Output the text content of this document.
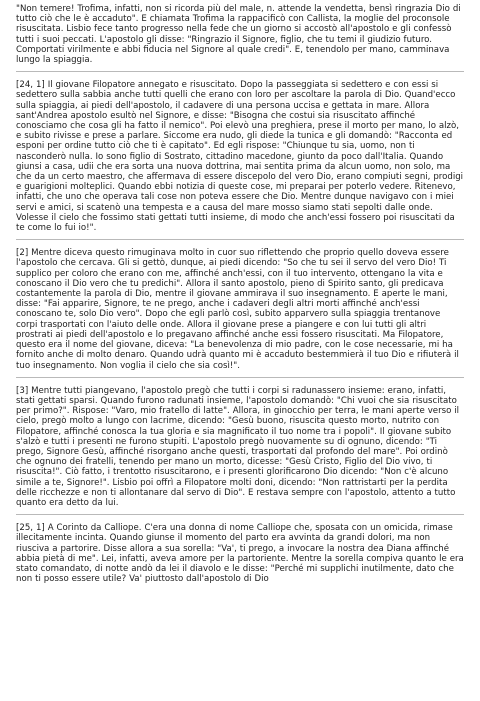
"Non temere! Trofima, infatti, non si ricorda più del male, n. attende la vendetta, bensì ringrazia Dio di tutto ciò che le è accaduto". E chiamata Trofima la rappacificò con Callista, la moglie del proconsole risuscitata. Lisbio fece tanto progresso nella fede che un giorno si accostò all'apostolo e gli confessò tutti i suoi peccati. L'apostolo gli disse: "Ringrazio il Signore, figlio, che tu temi il giudizio futuro. Comportati virilmente e abbi fiducia nel Signore al quale credi". E, tenendolo per mano, camminava lungo la spiaggia.

[24, 1] Il giovane Filopatore annegato e risuscitato. Dopo la passeggiata si sedettero e con essi si sedettero sulla sabbia anche tutti quelli che erano con loro per ascoltare la parola di Dio. Quand'ecco sulla spiaggia, ai piedi dell'apostolo, il cadavere di una persona uccisa e gettata in mare. Allora sant'Andrea apostolo esultò nel Signore, e disse: "Bisogna che costui sia risuscitato affinché conosciamo che cosa gli ha fatto il nemico". Poi elevò una preghiera, prese il morto per mano, lo alzò, e subito rivisse e prese a parlare. Siccome era nudo, gli diede la tunica e gli domandò: "Racconta ed esponi per ordine tutto ciò che ti è capitato". Ed egli rispose: "Chiunque tu sia, uomo, non ti nasconderò nulla. Io sono figlio di Sostrato, cittadino macedone, giunto da poco dall'Italia. Quando giunsi a casa, udii che era sorta una nuova dottrina, mai sentita prima da alcun uomo, non solo, ma che da un certo maestro, che affermava di essere discepolo del vero Dio, erano compiuti segni, prodigi e guarigioni molteplici. Quando ebbi notizia di queste cose, mi preparai per poterlo vedere. Ritenevo, infatti, che uno che operava tali cose non poteva essere che Dio. Mentre dunque navigavo con i miei servi e amici, si scatenò una tempesta e a causa del mare mosso siamo stati sepolti dalle onde. Volesse il cielo che fossimo stati gettati tutti insieme, di modo che anch'essi fossero poi risuscitati da te come lo fui io!".

[2] Mentre diceva questo rimuginava molto in cuor suo riflettendo che proprio quello doveva essere l'apostolo che cercava. Gli si gettò, dunque, ai piedi dicendo: "So che tu sei il servo del vero Dio! Ti supplico per coloro che erano con me, affinché anch'essi, con il tuo intervento, ottengano la vita e conoscano il Dio vero che tu predichi". Allora il santo apostolo, pieno di Spirito santo, gli predicava costantemente la parola di Dio, mentre il giovane ammirava il suo insegnamento. E aperte le mani, disse: "Fai apparire, Signore, te ne prego, anche i cadaveri degli altri morti affinché anch'essi conoscano te, solo Dio vero". Dopo che egli parlò così, subito apparvero sulla spiaggia trentanove corpi trasportati con l'aiuto delle onde. Allora il giovane prese a piangere e con lui tutti gli altri prostrati ai piedi dell'apostolo e lo pregavano affinché anche essi fossero risuscitati. Ma Filopatore, questo era il nome del giovane, diceva: "La benevolenza di mio padre, con le cose necessarie, mi ha fornito anche di molto denaro. Quando udrà quanto mi è accaduto bestemmierà il tuo Dio e rifiuterà il tuo insegnamento. Non voglia il cielo che sia così!".

[3] Mentre tutti piangevano, l'apostolo pregò che tutti i corpi si radunassero insieme: erano, infatti, stati gettati sparsi. Quando furono radunati insieme, l'apostolo domandò: "Chi vuoi che sia risuscitato per primo?". Rispose: "Varo, mio fratello di latte". Allora, in ginocchio per terra, le mani aperte verso il cielo, pregò molto a lungo con lacrime, dicendo: "Gesù buono, risuscita questo morto, nutrito con Filopatore, affinché conosca la tua gloria e sia magnificato il tuo nome tra i popoli". Il giovane subito s'alzò e tutti i presenti ne furono stupiti. L'apostolo pregò nuovamente su di ognuno, dicendo: "Ti prego, Signore Gesù, affinché risorgano anche questi, trasportati dal profondo del mare". Poi ordinò che ognuno dei fratelli, tenendo per mano un morto, dicesse: "Gesù Cristo, Figlio del Dio vivo, ti risuscita!". Ciò fatto, i trentotto risuscitarono, e i presenti glorificarono Dio dicendo: "Non c'è alcuno simile a te, Signore!". Lisbio poi offrì a Filopatore molti doni, dicendo: "Non rattristarti per la perdita delle ricchezze e non ti allontanare dal servo di Dio". E restava sempre con l'apostolo, attento a tutto quanto era detto da lui.

[25, 1] A Corinto da Calliope. C'era una donna di nome Calliope che, sposata con un omicida, rimase illecitamente incinta. Quando giunse il momento del parto era avvinta da grandi dolori, ma non riusciva a partorire. Disse allora a sua sorella: "Va', ti prego, a invocare la nostra dea Diana affinché abbia pietà di me". Lei, infatti, aveva amore per la partoriente. Mentre la sorella compiva quanto le era stato comandato, di notte andò da lei il diavolo e le disse: "Perché mi supplichi inutilmente, dato che non ti posso essere utile? Va' piuttosto dall'apostolo di Dio
